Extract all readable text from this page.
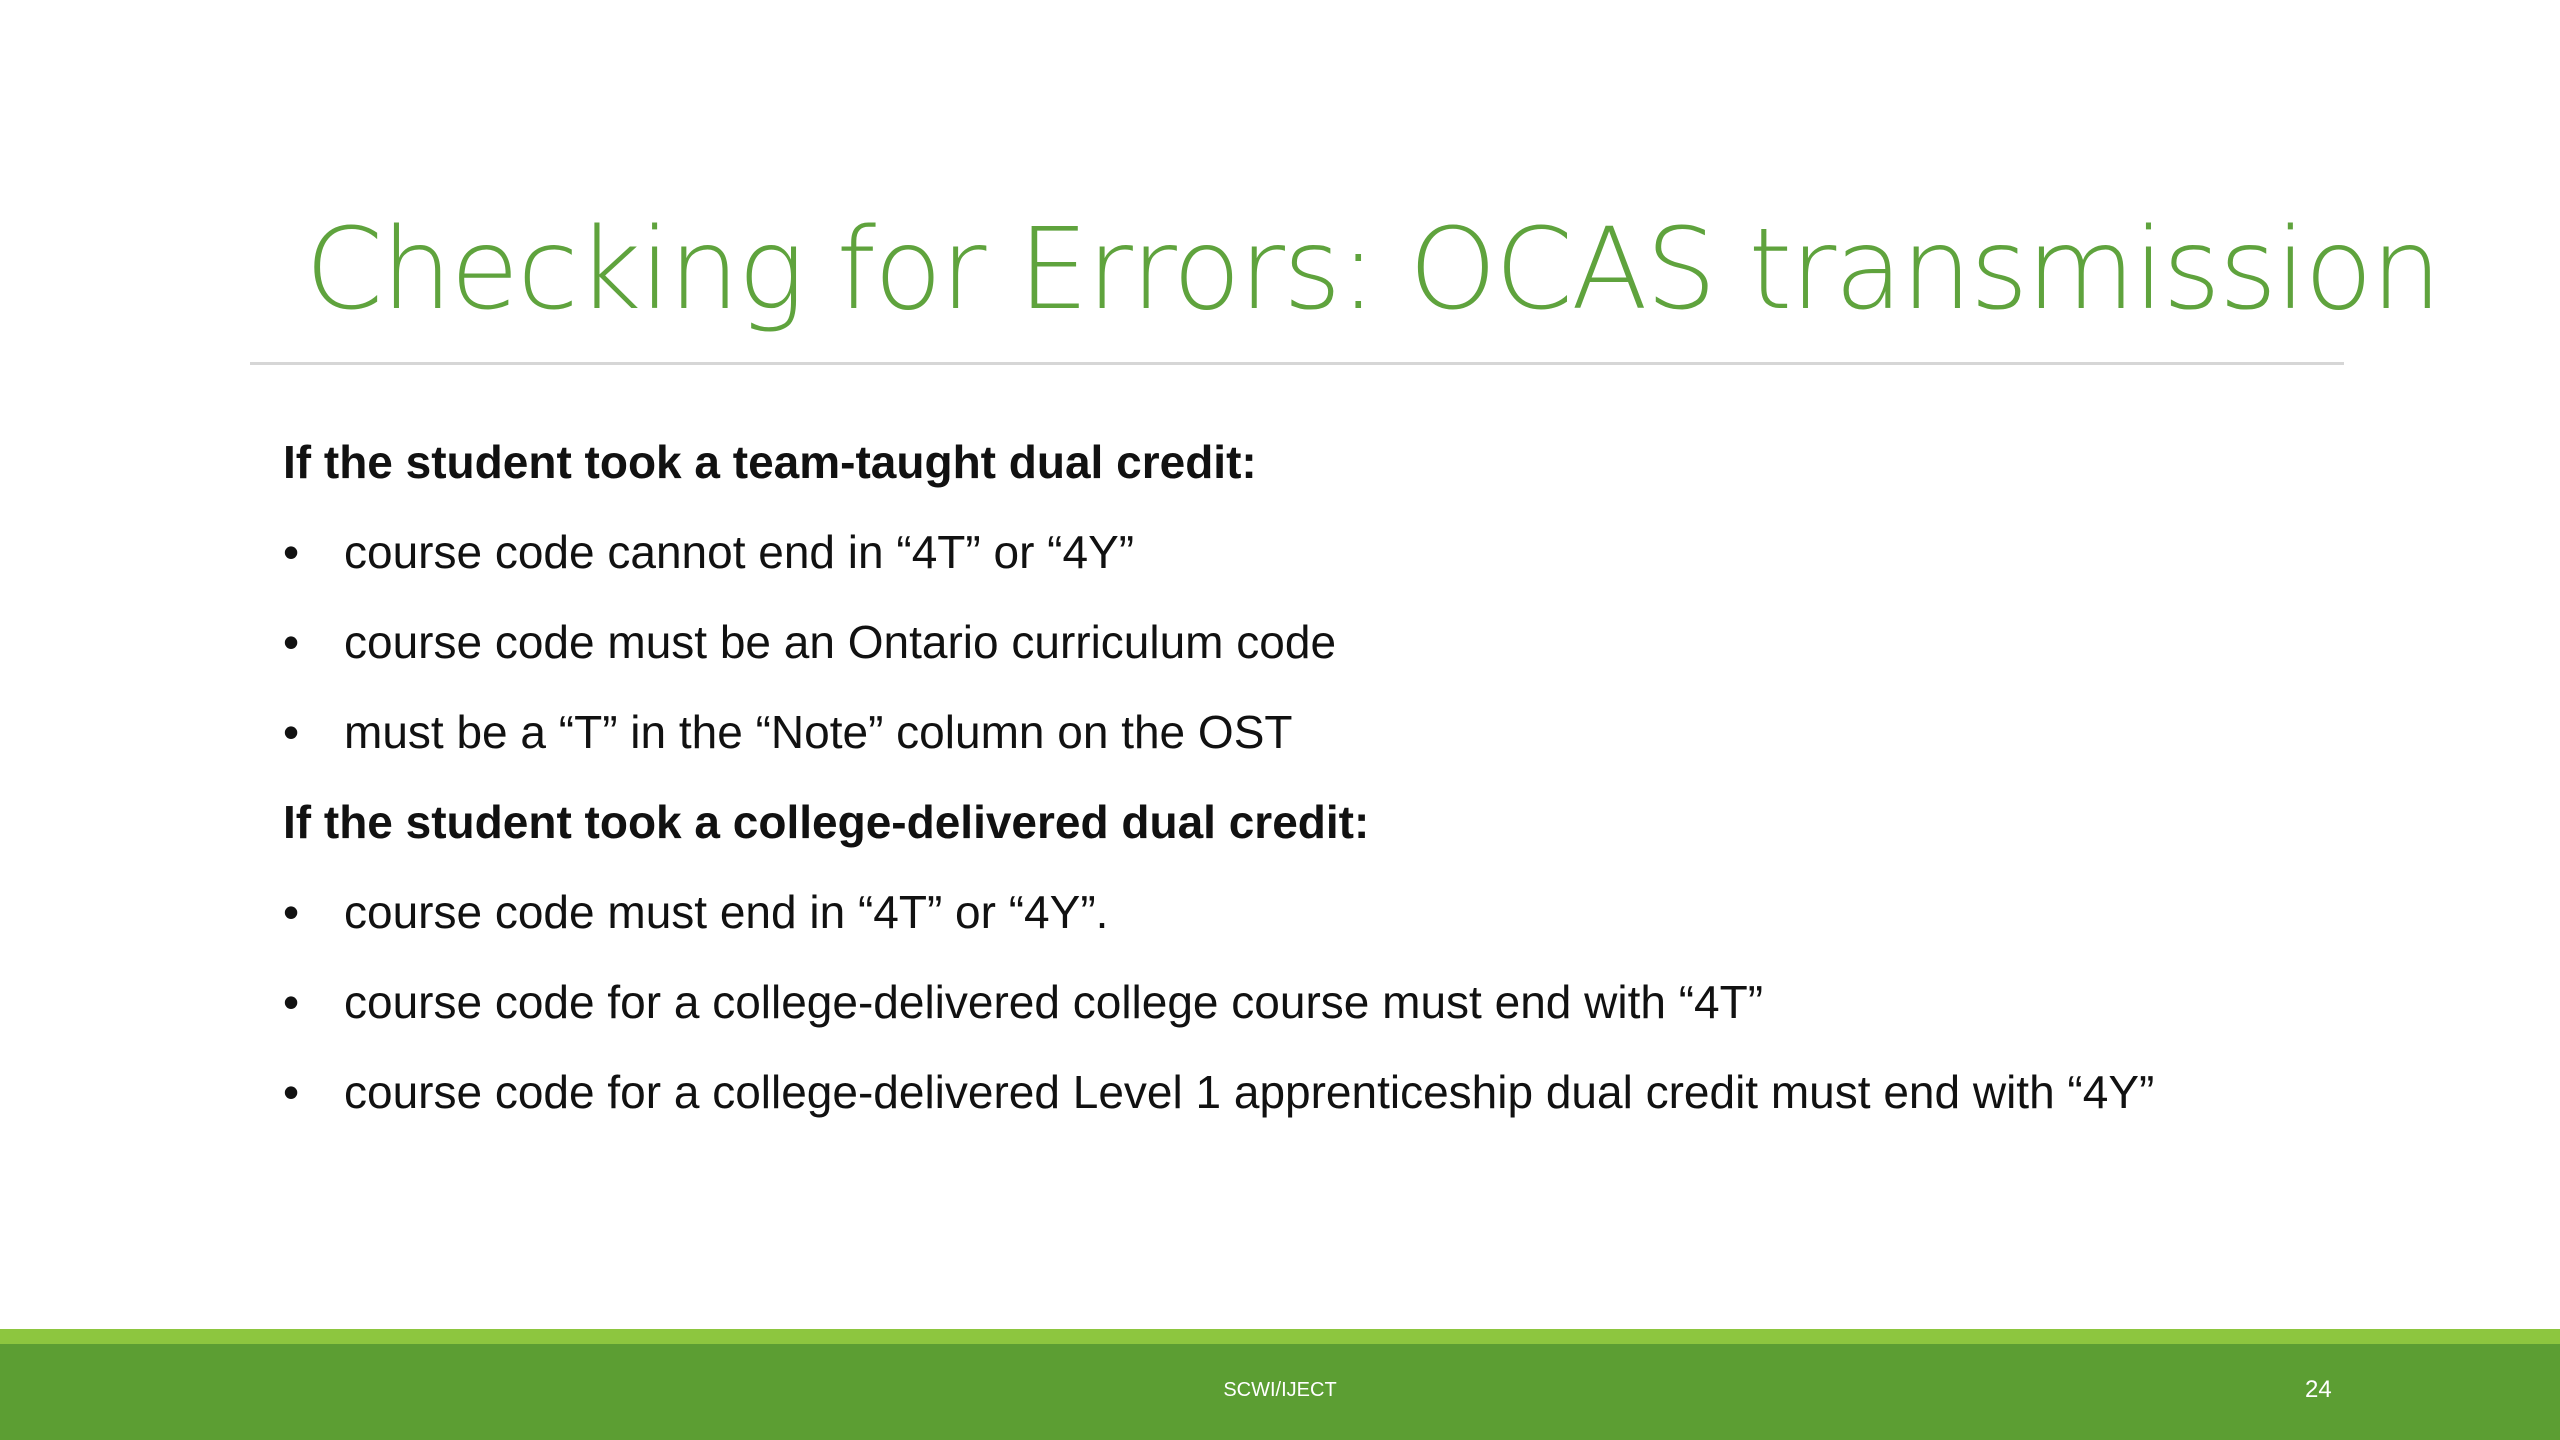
Checking for Errors: OCAS transmission

If the student took a team-taught dual credit:

• course code cannot end in “4T” or “4Y”
• course code must be an Ontario curriculum code
• must be a “T” in the “Note” column on the OST

If the student took a college-delivered dual credit:

• course code must end in “4T” or “4Y”.
• course code for a college-delivered college course must end with “4T”
• course code for a college-delivered Level 1 apprenticeship dual credit must end with “4Y”
SCWI/IJECT	24
